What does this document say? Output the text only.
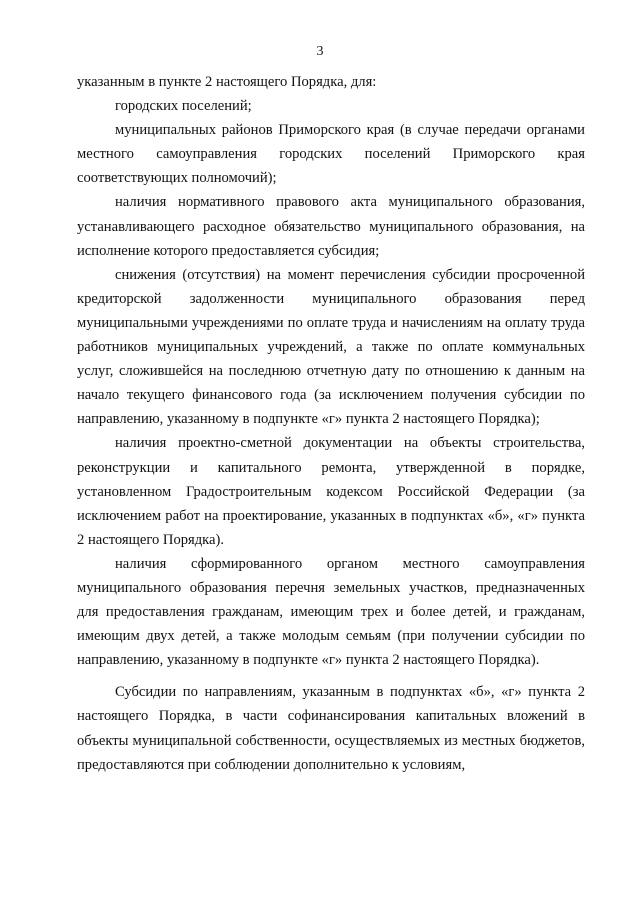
3

указанным в пункте 2 настоящего Порядка, для:

городских поселений;

муниципальных районов Приморского края (в случае передачи органами местного самоуправления городских поселений Приморского края соответствующих полномочий);

наличия нормативного правового акта муниципального образования, устанавливающего расходное обязательство муниципального образования, на исполнение которого предоставляется субсидия;

снижения (отсутствия) на момент перечисления субсидии просроченной кредиторской задолженности муниципального образования перед муниципальными учреждениями по оплате труда и начислениям на оплату труда работников муниципальных учреждений, а также по оплате коммунальных услуг, сложившейся на последнюю отчетную дату по отношению к данным на начало текущего финансового года (за исключением получения субсидии по направлению, указанному в подпункте «г» пункта 2 настоящего Порядка);

наличия проектно-сметной документации на объекты строительства, реконструкции и капитального ремонта, утвержденной в порядке, установленном Градостроительным кодексом Российской Федерации (за исключением работ на проектирование, указанных в подпунктах «б», «г» пункта 2 настоящего Порядка).

наличия сформированного органом местного самоуправления муниципального образования перечня земельных участков, предназначенных для предоставления гражданам, имеющим трех и более детей, и гражданам, имеющим двух детей, а также молодым семьям (при получении субсидии по направлению, указанному в подпункте «г» пункта 2 настоящего Порядка).

Субсидии по направлениям, указанным в подпунктах «б», «г» пункта 2 настоящего Порядка, в части софинансирования капитальных вложений в объекты муниципальной собственности, осуществляемых из местных бюджетов, предоставляются при соблюдении дополнительно к условиям,
